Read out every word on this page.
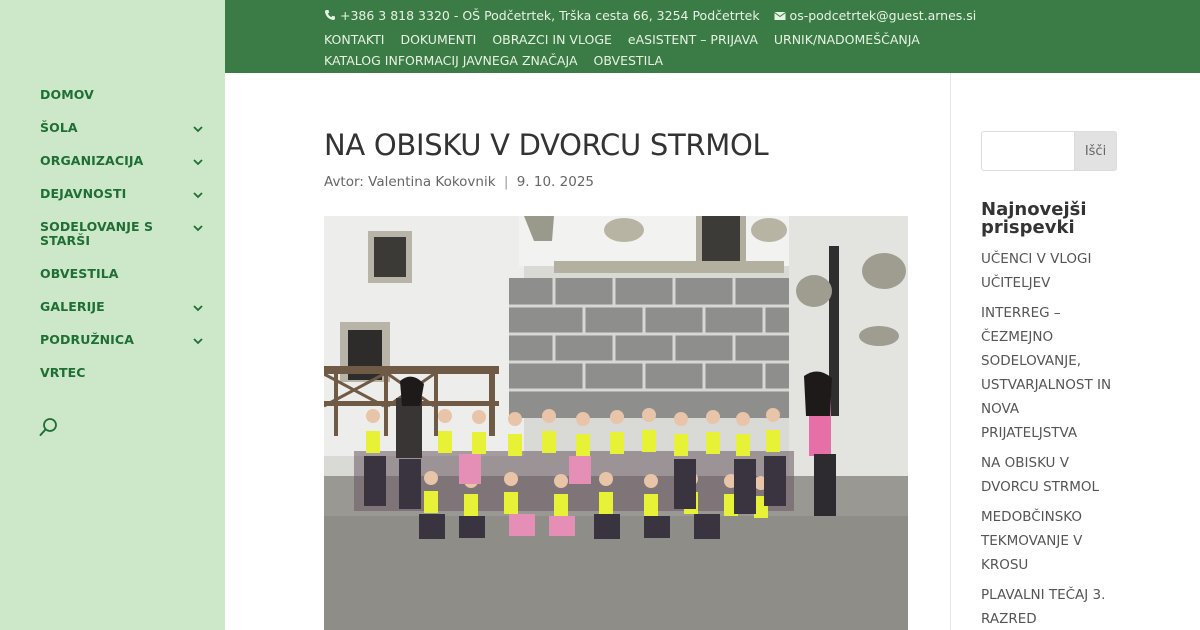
DOMOV
ŠOLA
ORGANIZACIJA
DEJAVNOSTI
SODELOVANJE S STARŠI
OBVESTILA
GALERIJE
PODRUŽNICA
VRTEC
+386 3 818 3320 - OŠ Podčetrtek, Trška cesta 66, 3254 Podčetrtek os-podcetrtek@guest.arnes.si
KONTAKTI DOKUMENTI OBRAZCI IN VLOGE eASISTENT – PRIJAVA URNIK/NADOMEŠČANJAKATALOG INFORMACIJ JAVNEGA ZNAČAJA OBVESTILA
NA OBISKU V DVORCU STRMOL
Avtor: Valentina Kokovnik | 9. 10. 2025
Išči
Najnovejši prispevki
UČENCI V VLOGI UČITELJEV
INTERREG – ČEZMEJNO SODELOVANJE, USTVARJALNOST IN NOVA PRIJATELJSTVA
NA OBISKU V DVORCU STRMOL
MEDOBČINSKO TEKMOVANJE V KROSU
PLAVALNI TEČAJ 3. RAZRED
